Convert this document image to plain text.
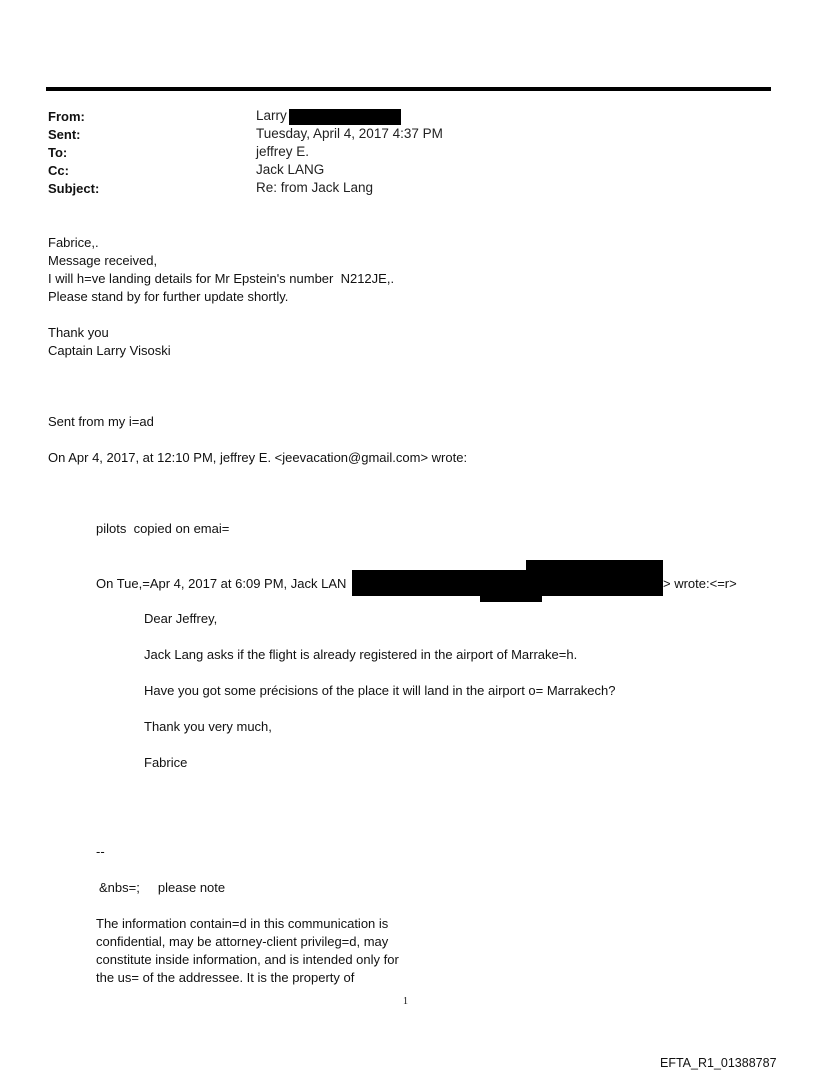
From:	Larry
Sent:	Tuesday, April 4, 2017 4:37 PM
To:	jeffrey E.
Cc:	Jack LANG
Subject:	Re: from Jack Lang
Fabrice,.
Message received,
I will h=ve landing details for Mr Epstein's number  N212JE,.
Please stand by for further update shortly.
Thank you
Captain Larry Visoski
Sent from my i=ad
On Apr 4, 2017, at 12:10 PM, jeffrey E. <jeevacation@gmail.com> wrote:
pilots  copied on emai=
On Tue,=Apr 4, 2017 at 6:09 PM, Jack LAN	> wrote:<=r>
Dear Jeffrey,
Jack Lang asks if the flight is already registered in the airport of Marrake=h.
Have you got some précisions of the place it will land in the airport o= Marrakech?
Thank you very much,
Fabrice
--
&nbs=;     please note
The information contain=d in this communication is
confidential, may be attorney-client privileg=d, may
constitute inside information, and is intended only for
the us= of the addressee. It is the property of
1
EFTA_R1_01388787
